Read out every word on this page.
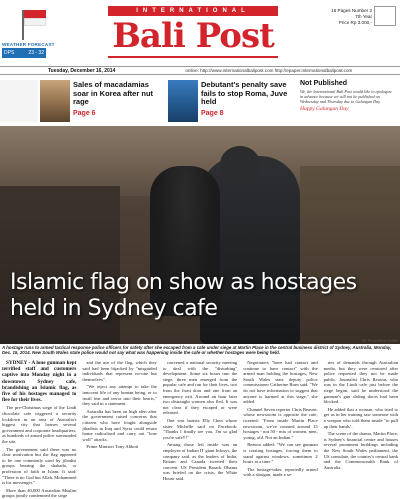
WEATHER FORECAST
DPS	23 - 32
INTERNATIONAL
Bali Post
16 Pages Number 2
7th Year
Price Rp 3.000,-
Tuesday, December 16, 2014	online: http://www.internationalbalipost.com http://epaper.internationalbalipost.com
Sales of macadamias soar in Korea after nut rage
Page 6
Debutant's penalty save fails to stop Roma, Juve held
Page 8
Not Published
We, the International Bali Post would like to apologize in advance because we will not be published on Wednesday and Thursday due to Galungan Day.
Happy Galungan Day
Islamic flag on show as hostages held in Sydney cafe
AP Photo/Rob Griffith
A hostage runs to armed tactical response police officers for safety after she escaped from a cafe under siege at Martin Place in the central business district of Sydney, Australia, Monday, Dec. 15, 2014. New South Wales state police would not say what was happening inside the cafe or whether hostages were being held.

SYDNEY - A lone gunman kept terrified staff and customers captive into Monday night in a downtown Sydney cafe, brandishing an Islamic flag, as five of his hostages managed to flee for their lives.

The pre-Christmas siege of the Lindt chocolate cafe triggered a security lockdown in an area of Australia's biggest city that houses several government and corporate headquarters, as hundreds of armed police surrounded the site.

The government said there was no clear motivation but the flag appeared to be one commonly used by jihadist groups bearing the shahada, or profession of faith in Islam. It said: "There is no God but Allah, Mohammed is his messenger."

More than 40,000 Australian Muslim groups jointly condemned the siege

and the use of the flag, which they said had been hijacked by "misguided individuals that represent no-one but themselves".

"We reject any attempt to take the innocent life of any human being, or to instil fear and terror into their hearts," they said in a statement.

Australia has been on high alert after the government raised concerns that citizens who have fought alongside jihadists in Iraq and Syria could return home radicalised and carry out "lone wolf" attacks.

Prime Minister Tony Abbott

convened a national security meeting to deal with the "disturbing" development. Some six hours into the siege, three men emerged from the popular cafe and ran for their lives, two from the front door and one from an emergency exit. Around an hour later two distraught women also fled. It was not clear if they escaped or were released.

One was barista Elly Chen whose sister Michelle said on Facebook: "Thanks I finally see you. I'm so glad you're safe!!!"

Among those left inside was an employee of Indian IT giant Infosys, the company said, as the leaders of India, Britain and Canada tweeted their concern. US President Barack Obama was briefed on the crisis, the White House said.

Negotiators "have had contact and continue to have contact" with the armed man holding the hostages, New South Wales state deputy police commissioner Catherine Burn said. "We do not have information to suggest that anyone is harmed at this stage," she added.

Channel Seven reporter Chris Reason, whose newsroom is opposite the cafe, tweeted: "From inside Martin Place newsroom, we've counted around 15 hostages - not 50 - mix of women, men, young, old. Not an Indian."

Reason added: "We can see gunman is rotating hostages, forcing them to stand against windows, sometimes 2 hours at a time."

The hostage-taker, reportedly armed with a shotgun, made a se-

ries of demands through Australian media, but they were censored after police requested they not be made public. Journalist Chris Reason, who was in the Lindt cafe just before the siege began, said he understood the gunman's gun sliding doors had been blocked.

He added that a woman, who tried to get us in her training saw someone with a weapon who told them inside "to pull up their hands".

The scene of the drama, Martin Place, is Sydney's financial centre and houses several prominent buildings including the New South Wales parliament, the US consulate, the country's central bank and the Commonwealth Bank of Australia.
